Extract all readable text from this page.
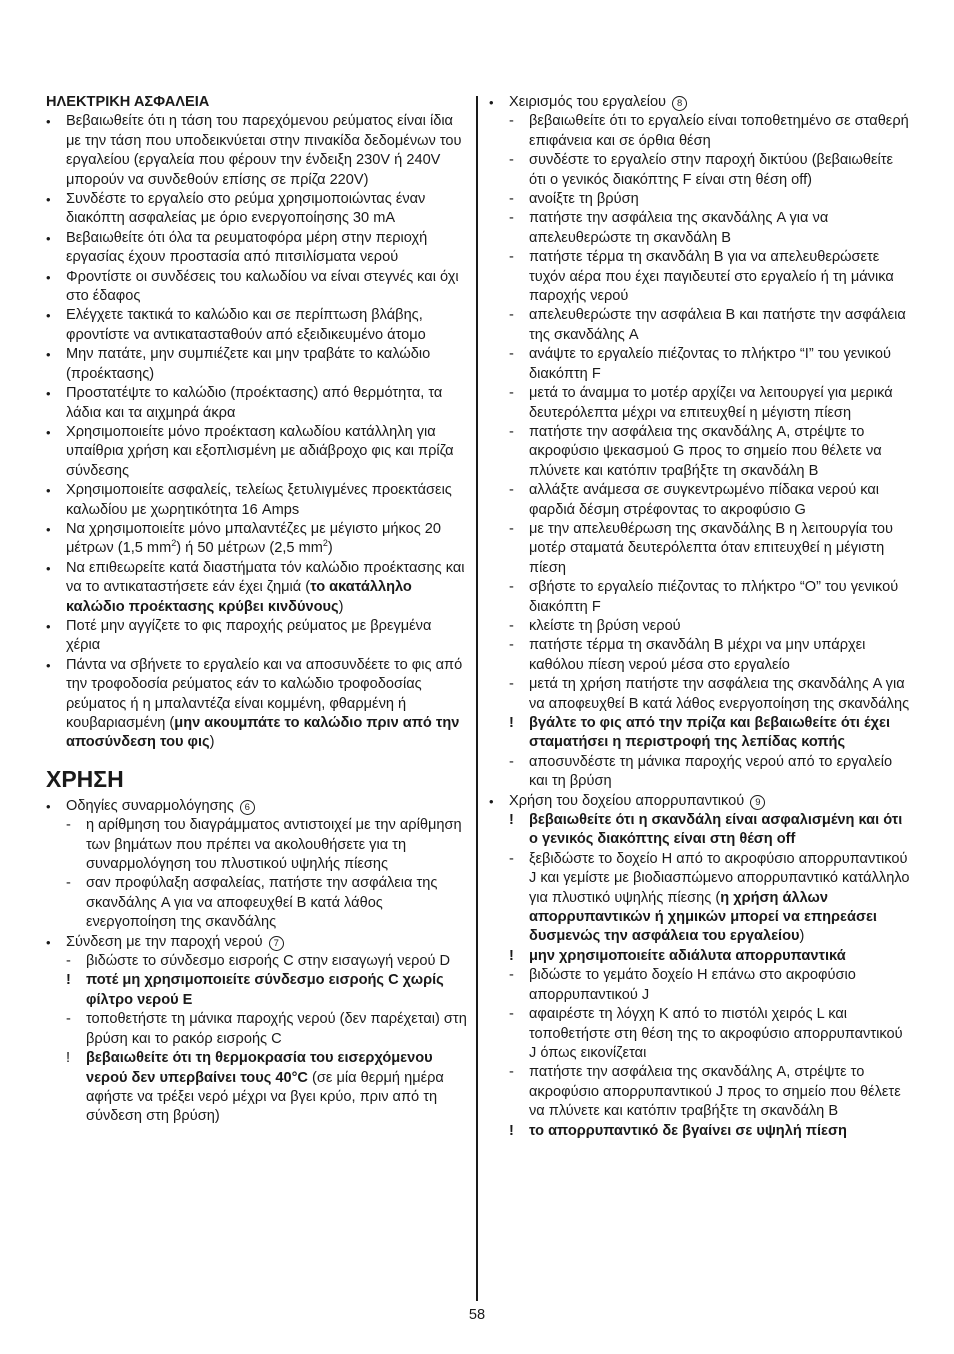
ΗΛΕΚΤΡΙΚΗ ΑΣΦΑΛΕΙΑ
•	Βεβαιωθείτε ότι η τάση του παρεχόμενου ρεύματος είναι ίδια με την τάση που υποδεικνύεται στην πινακίδα δεδομένων του εργαλείου (εργαλεία που φέρουν την ένδειξη 230V ή 240V μπορούν να συνδεθούν επίσης σε πρίζα 220V)
•	Συνδέστε το εργαλείο στο ρεύμα χρησιμοποιώντας έναν διακόπτη ασφαλείας με όριο ενεργοποίησης 30 mA
•	Βεβαιωθείτε ότι όλα τα ρευματοφόρα μέρη στην περιοχή εργασίας έχουν προστασία από πιτσιλίσματα νερού
•	Φροντίστε οι συνδέσεις του καλωδίου να είναι στεγνές και όχι στο έδαφος
•	Ελέγχετε τακτικά το καλώδιο και σε περίπτωση βλάβης, φροντίστε να αντικατασταθούν από εξειδικευμένο άτομο
•	Μην πατάτε, μην συμπιέζετε και μην τραβάτε το καλώδιο (προέκτασης)
•	Προστατέψτε το καλώδιο (προέκτασης) από θερμότητα, τα λάδια και τα αιχμηρά άκρα
•	Χρησιμοποιείτε μόνο προέκταση καλωδίου κατάλληλη για υπαίθρια χρήση και εξοπλισμένη με αδιάβροχο φις και πρίζα σύνδεσης
•	Χρησιμοποιείτε ασφαλείς, τελείως ξετυλιγμένες προεκτάσεις καλωδίου με χωρητικότητα 16 Amps
•	Να χρησιμοποιείτε μόνο μπαλαντέζες με μέγιστο μήκος 20 μέτρων (1,5 $mm^2$) ή 50 μέτρων (2,5 $mm^2$)
•	Να επιθεωρείτε κατά διαστήματα τόν καλώδιο προέκτασης και να το αντικαταστήσετε εάν έχει ζημιά (το ακατάλληλο καλώδιο προέκτασης κρύβει κινδύνους)
•	Ποτέ μην αγγίζετε το φις παροχής ρεύματος με βρεγμένα χέρια
•	Πάντα να σβήνετε το εργαλείο και να αποσυνδέετε το φις από την τροφοδοσία ρεύματος εάν το καλώδιο τροφοδοσίας ρεύματος ή η μπαλαντέζα είναι κομμένη, φθαρμένη ή κουβαριασμένη (μην ακουμπάτε το καλώδιο πριν από την αποσύνδεση του φις)
ΧΡΗΣΗ
•	Οδηγίες συναρμολόγησης 6
-	η αρίθμηση του διαγράμματος αντιστοιχεί με την αρίθμηση των βημάτων που πρέπει να ακολουθήσετε για τη συναρμολόγηση του πλυστικού υψηλής πίεσης
-	σαν προφύλαξη ασφαλείας, πατήστε την ασφάλεια της σκανδάλης A για να αποφευχθεί B κατά λάθος ενεργοποίηση της σκανδάλης
•	Σύνδεση με την παροχή νερού 7
-	βιδώστε το σύνδεσμο εισροής C στην εισαγωγή νερού D
!	ποτέ μη χρησιμοποιείτε σύνδεσμο εισροής C χωρίς φίλτρο νερού E
-	τοποθετήστε τη μάνικα παροχής νερού (δεν παρέχεται) στη βρύση και το ρακόρ εισροής C
!	βεβαιωθείτε ότι τη θερμοκρασία του εισερχόμενου νερού δεν υπερβαίνει τους 40°C (σε μία θερμή ημέρα αφήστε να τρέξει νερό μέχρι να βγει κρύο, πριν από τη σύνδεση στη βρύση)
•	Χειρισμός του εργαλείου 8
-	βεβαιωθείτε ότι το εργαλείο είναι τοποθετημένο σε σταθερή επιφάνεια και σε όρθια θέση
-	συνδέστε το εργαλείο στην παροχή δικτύου (βεβαιωθείτε ότι ο γενικός διακόπτης F είναι στη θέση off)
-	ανοίξτε τη βρύση
-	πατήστε την ασφάλεια της σκανδάλης A για να απελευθερώστε τη σκανδάλη B
-	πατήστε τέρμα τη σκανδάλη B για να απελευθερώσετε τυχόν αέρα που έχει παγιδευτεί στο εργαλείο ή τη μάνικα παροχής νερού
-	απελευθερώστε την ασφάλεια B και πατήστε την ασφάλεια της σκανδάλης A
-	ανάψτε το εργαλείο πιέζοντας το πλήκτρο “I” του γενικού διακόπτη F
-	μετά το άναμμα το μοτέρ αρχίζει να λειτουργεί για μερικά δευτερόλεπτα μέχρι να επιτευχθεί η μέγιστη πίεση
-	πατήστε την ασφάλεια της σκανδάλης A, στρέψτε το ακροφύσιο ψεκασμού G προς το σημείο που θέλετε να πλύνετε και κατόπιν τραβήξτε τη σκανδάλη B
-	αλλάξτε ανάμεσα σε συγκεντρωμένο πίδακα νερού και φαρδιά δέσμη στρέφοντας το ακροφύσιο G
-	με την απελευθέρωση της σκανδάλης B η λειτουργία του μοτέρ σταματά δευτερόλεπτα όταν επιτευχθεί η μέγιστη πίεση
-	σβήστε το εργαλείο πιέζοντας το πλήκτρο “O” του γενικού διακόπτη F
-	κλείστε τη βρύση νερού
-	πατήστε τέρμα τη σκανδάλη B μέχρι να μην υπάρχει καθόλου πίεση νερού μέσα στο εργαλείο
-	μετά τη χρήση πατήστε την ασφάλεια της σκανδάλης A για να αποφευχθεί B κατά λάθος ενεργοποίηση της σκανδάλης
!	βγάλτε το φις από την πρίζα και βεβαιωθείτε ότι έχει σταματήσει η περιστροφή της λεπίδας κοπής
-	αποσυνδέστε τη μάνικα παροχής νερού από το εργαλείο και τη βρύση
•	Χρήση του δοχείου απορρυπαντικού 9
!	βεβαιωθείτε ότι η σκανδάλη είναι ασφαλισμένη και ότι ο γενικός διακόπτης είναι στη θέση off
-	ξεβιδώστε το δοχείο H από το ακροφύσιο απορρυπαντικού J και γεμίστε με βιοδιασπώμενο απορρυπαντικό κατάλληλο για πλυστικό υψηλής πίεσης (η χρήση άλλων απορρυπαντικών ή χημικών μπορεί να επηρεάσει δυσμενώς την ασφάλεια του εργαλείου)
!	μην χρησιμοποιείτε αδιάλυτα απορρυπαντικά
-	βιδώστε το γεμάτο δοχείο H επάνω στο ακροφύσιο απορρυπαντικού J
-	αφαιρέστε τη λόγχη K από το πιστόλι χειρός L και τοποθετήστε στη θέση της το ακροφύσιο απορρυπαντικού J όπως εικονίζεται
-	πατήστε την ασφάλεια της σκανδάλης A, στρέψτε το ακροφύσιο απορρυπαντικού J προς το σημείο που θέλετε να πλύνετε και κατόπιν τραβήξτε τη σκανδάλη B
!	το απορρυπαντικό δε βγαίνει σε υψηλή πίεση
58
